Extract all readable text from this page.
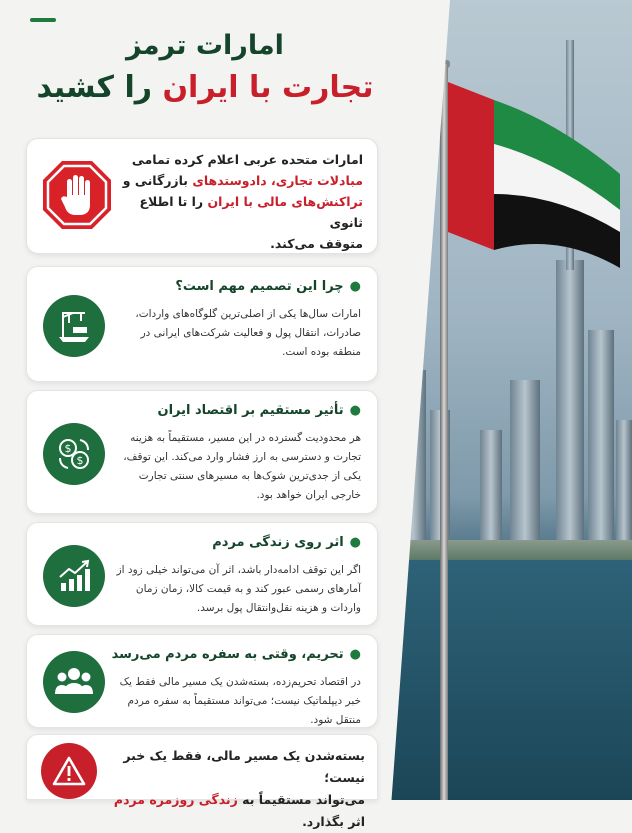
امارات ترمز
تجارت با ایران را کشید
امارات متحده عربی اعلام کرده تمامی
مبادلات تجاری، دادوستدهای بازرگانی و
تراکنش‌های مالی با ایران را تا اطلاع ثانوی
متوقف می‌کند.
●چرا این تصمیم مهم است؟
امارات سال‌ها یکی از اصلی‌ترین گلوگاه‌های واردات، صادرات، انتقال پول و فعالیت شرکت‌های ایرانی در منطقه بوده است.
$
$
●تأثیر مستقیم بر اقتصاد ایران
هر محدودیت گسترده در این مسیر، مستقیماً به هزینه تجارت و دسترسی به ارز فشار وارد می‌کند. این توقف، یکی از جدی‌ترین شوک‌ها به مسیرهای سنتی تجارت خارجی ایران خواهد بود.
●اثر روی زندگی مردم
اگر این توقف ادامه‌دار باشد، اثر آن می‌تواند خیلی زود از آمارهای رسمی عبور کند و به قیمت کالا، زمان زمان واردات و هزینه نقل‌وانتقال پول برسد.
●تحریم، وقتی به سفره مردم می‌رسد
در اقتصاد تحریم‌زده، بسته‌شدن یک مسیر مالی فقط یک خبر دیپلماتیک نیست؛ می‌تواند مستقیماً به سفره مردم منتقل شود.
بسته‌شدن یک مسیر مالی، فقط یک خبر نیست؛
می‌تواند مستقیماً به زندگی روزمره مردم اثر بگذارد.
